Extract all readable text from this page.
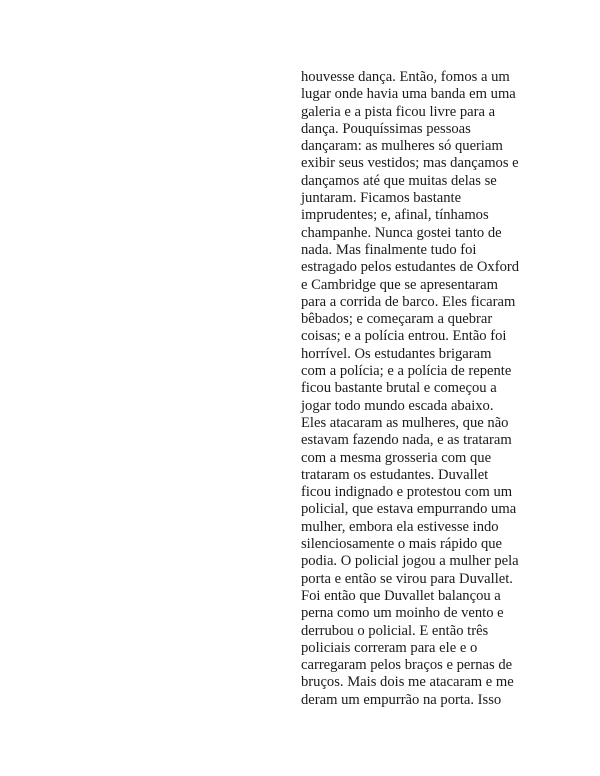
houvesse dança. Então, fomos a um
lugar onde havia uma banda em uma
galeria e a pista ficou livre para a
dança. Pouquíssimas pessoas
dançaram: as mulheres só queriam
exibir seus vestidos; mas dançamos e
dançamos até que muitas delas se
juntaram. Ficamos bastante
imprudentes; e, afinal, tínhamos
champanhe. Nunca gostei tanto de
nada. Mas finalmente tudo foi
estragado pelos estudantes de Oxford
e Cambridge que se apresentaram
para a corrida de barco. Eles ficaram
bêbados; e começaram a quebrar
coisas; e a polícia entrou. Então foi
horrível. Os estudantes brigaram
com a polícia; e a polícia de repente
ficou bastante brutal e começou a
jogar todo mundo escada abaixo.
Eles atacaram as mulheres, que não
estavam fazendo nada, e as trataram
com a mesma grosseria com que
trataram os estudantes. Duvallet
ficou indignado e protestou com um
policial, que estava empurrando uma
mulher, embora ela estivesse indo
silenciosamente o mais rápido que
podia. O policial jogou a mulher pela
porta e então se virou para Duvallet.
Foi então que Duvallet balançou a
perna como um moinho de vento e
derrubou o policial. E então três
policiais correram para ele e o
carregaram pelos braços e pernas de
bruços. Mais dois me atacaram e me
deram um empurrão na porta. Isso
